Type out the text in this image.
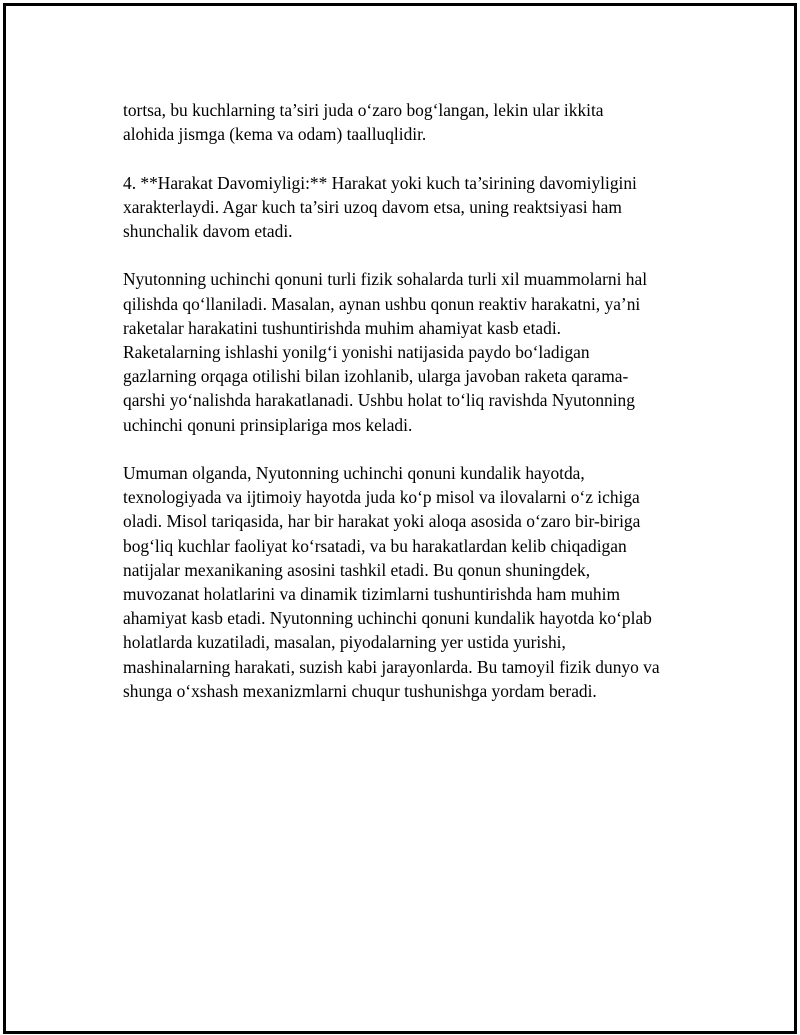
tortsa, bu kuchlarning ta’siri juda o‘zaro bog‘langan, lekin ular ikkita
alohida jismga (kema va odam) taalluqlidir.

4. **Harakat Davomiyligi:** Harakat yoki kuch ta’sirining davomiyligini
xarakterlaydi. Agar kuch ta’siri uzoq davom etsa, uning reaktsiyasi ham
shunchalik davom etadi.

Nyutonning uchinchi qonuni turli fizik sohalarda turli xil muammolarni hal
qilishda qo‘llaniladi. Masalan, aynan ushbu qonun reaktiv harakatni, ya’ni
raketalar harakatini tushuntirishda muhim ahamiyat kasb etadi.
Raketalarning ishlashi yonilg‘i yonishi natijasida paydo bo‘ladigan
gazlarning orqaga otilishi bilan izohlanib, ularga javoban raketa qarama-
qarshi yo‘nalishda harakatlanadi. Ushbu holat to‘liq ravishda Nyutonning
uchinchi qonuni prinsiplariga mos keladi.

Umuman olganda, Nyutonning uchinchi qonuni kundalik hayotda,
texnologiyada va ijtimoiy hayotda juda ko‘p misol va ilovalarni o‘z ichiga
oladi. Misol tariqasida, har bir harakat yoki aloqa asosida o‘zaro bir-biriga
bog‘liq kuchlar faoliyat ko‘rsatadi, va bu harakatlardan kelib chiqadigan
natijalar mexanikaning asosini tashkil etadi. Bu qonun shuningdek,
muvozanat holatlarini va dinamik tizimlarni tushuntirishda ham muhim
ahamiyat kasb etadi. Nyutonning uchinchi qonuni kundalik hayotda ko‘plab
holatlarda kuzatiladi, masalan, piyodalarning yer ustida yurishi,
mashinalarning harakati, suzish kabi jarayonlarda. Bu tamoyil fizik dunyo va
shunga o‘xshash mexanizmlarni chuqur tushunishga yordam beradi.
